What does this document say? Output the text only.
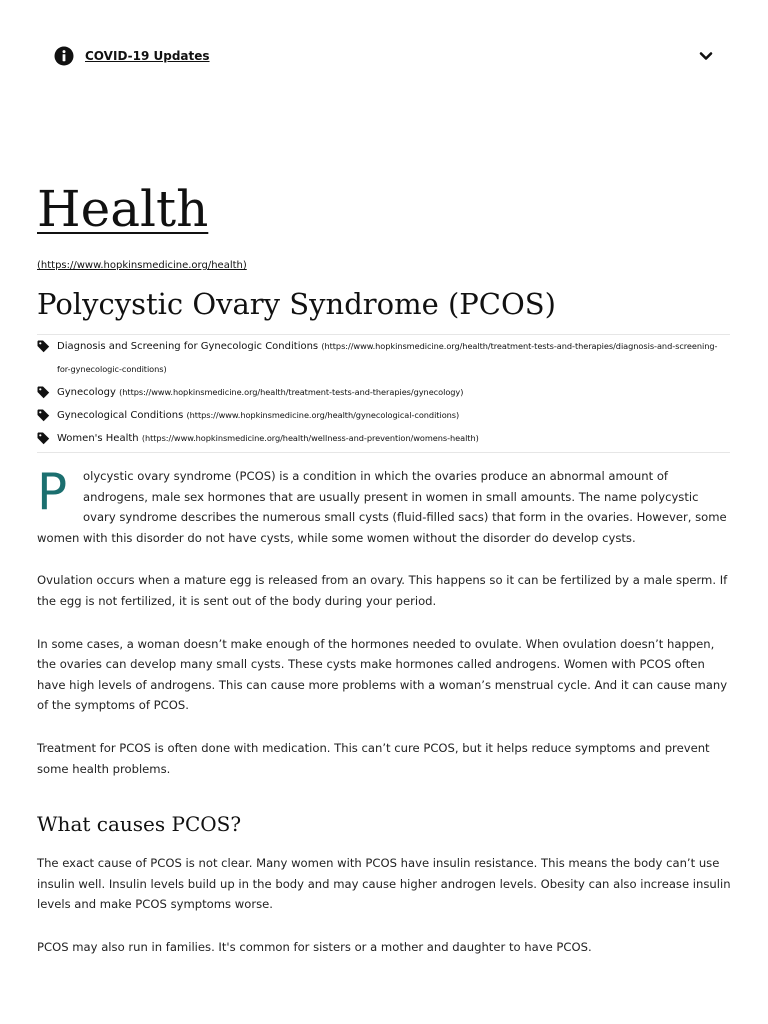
COVID-19 Updates
Health
(https://www.hopkinsmedicine.org/health)
Polycystic Ovary Syndrome (PCOS)
Diagnosis and Screening for Gynecologic Conditions (https://www.hopkinsmedicine.org/health/treatment-tests-and-therapies/diagnosis-and-screening-for-gynecologic-conditions)
Gynecology (https://www.hopkinsmedicine.org/health/treatment-tests-and-therapies/gynecology)
Gynecological Conditions (https://www.hopkinsmedicine.org/health/gynecological-conditions)
Women's Health (https://www.hopkinsmedicine.org/health/wellness-and-prevention/womens-health)

P olycystic ovary syndrome (PCOS) is a condition in which the ovaries produce an abnormal amount of androgens, male sex hormones that are usually present in women in small amounts. The name polycystic ovary syndrome describes the numerous small cysts (fluid-filled sacs) that form in the ovaries. However, some women with this disorder do not have cysts, while some women without the disorder do develop cysts.

Ovulation occurs when a mature egg is released from an ovary. This happens so it can be fertilized by a male sperm. If the egg is not fertilized, it is sent out of the body during your period.

In some cases, a woman doesn’t make enough of the hormones needed to ovulate. When ovulation doesn’t happen, the ovaries can develop many small cysts. These cysts make hormones called androgens. Women with PCOS often have high levels of androgens. This can cause more problems with a woman’s menstrual cycle. And it can cause many of the symptoms of PCOS.

Treatment for PCOS is often done with medication. This can’t cure PCOS, but it helps reduce symptoms and prevent some health problems.

What causes PCOS?

The exact cause of PCOS is not clear. Many women with PCOS have insulin resistance. This means the body can’t use insulin well. Insulin levels build up in the body and may cause higher androgen levels. Obesity can also increase insulin levels and make PCOS symptoms worse.

PCOS may also run in families. It's common for sisters or a mother and daughter to have PCOS.
